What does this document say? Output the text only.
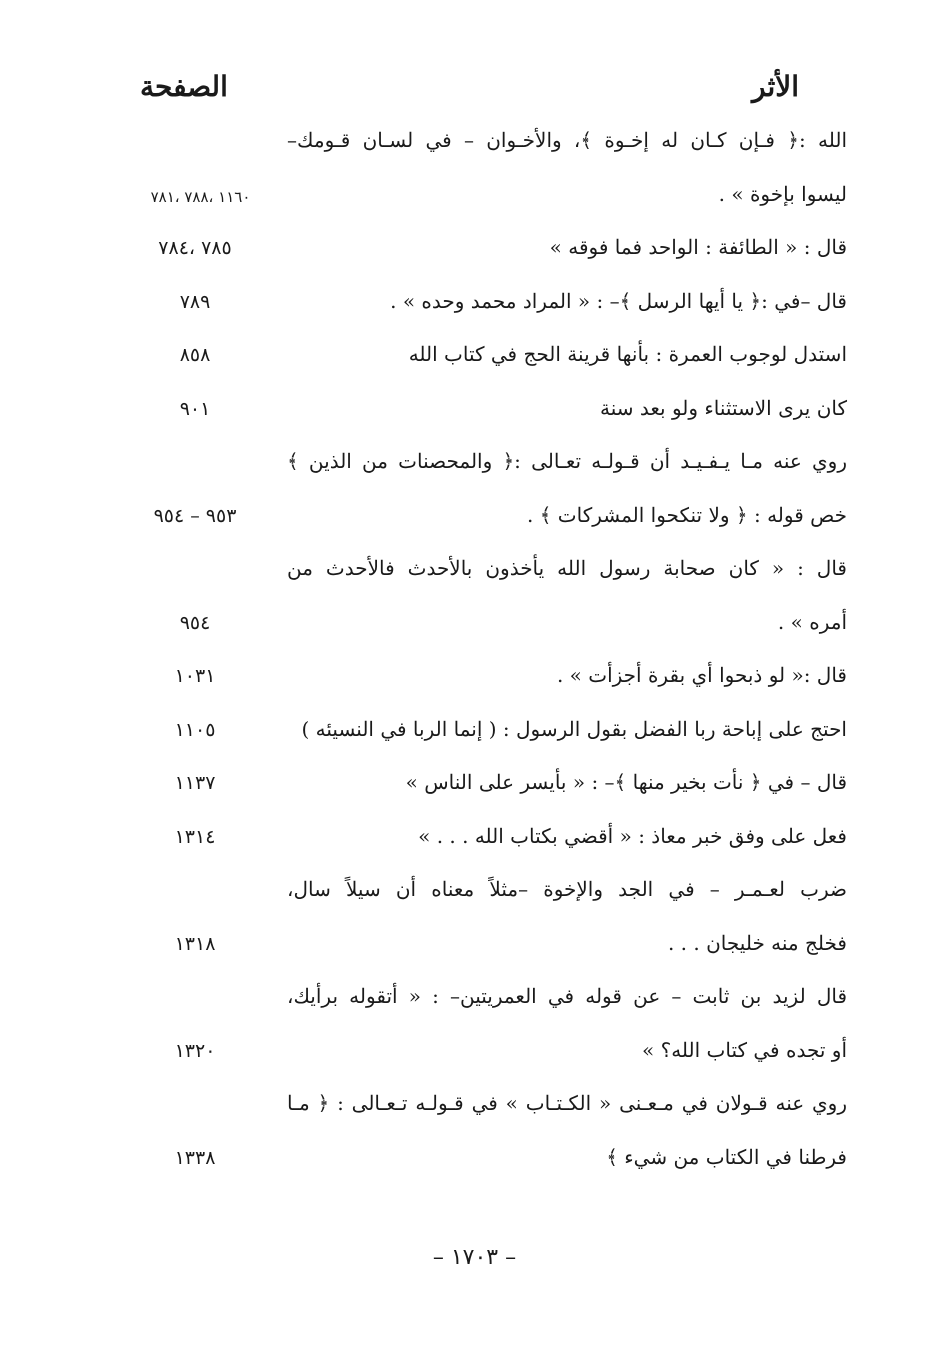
الأثر
الصفحة
الله :﴿ فـإن كـان له إخـوة ﴾، والأخـوان – في لسـان قـومك–
ليسوا بإخوة » .
١١٦٠ ،٧٨٨ ،٧٨١
قال : « الطائفة : الواحد فما فوقه »
٧٨٥ ،٧٨٤
قال –في :﴿ يا أيها الرسل ﴾– : « المراد محمد وحده » .
٧٨٩
استدل لوجوب العمرة : بأنها قرينة الحج في كتاب الله
٨٥٨
كان يرى الاستثناء ولو بعد سنة
٩٠١
روي عنه مـا يـفـيـد أن قـولـه تعـالى :﴿ والمحصنات من الذين ﴾
خص قوله : ﴿ ولا تنكحوا المشركات ﴾ .
٩٥٣ – ٩٥٤
قال : « كان صحابة رسول الله يأخذون بالأحدث فالأحدث من
أمره » .
٩٥٤
قال :« لو ذبحوا أي بقرة أجزأت » .
١٠٣١
احتج على إباحة ربا الفضل بقول الرسول : ( إنما الربا في النسيئه )
١١٠٥
قال – في ﴿ نأت بخير منها ﴾– : « بأيسر على الناس »
١١٣٧
فعل على وفق خبر معاذ : « أقضي بكتاب الله . . . »
١٣١٤
ضرب لعـمـر – في الجد والإخوة –مثلاً معناه أن سيلاً سال،
فخلج منه خليجان . . .
١٣١٨
قال لزيد بن ثابت – عن قوله في العمريتين– : « أتقوله برأيك،
أو تجده في كتاب الله؟ »
١٣٢٠
روي عنه قـولان في مـعـنى « الكـتـاب » في قـولـه تـعـالى : ﴿ مـا
فرطنا في الكتاب من شيء ﴾
١٣٣٨
– ١٧٠٣ –
